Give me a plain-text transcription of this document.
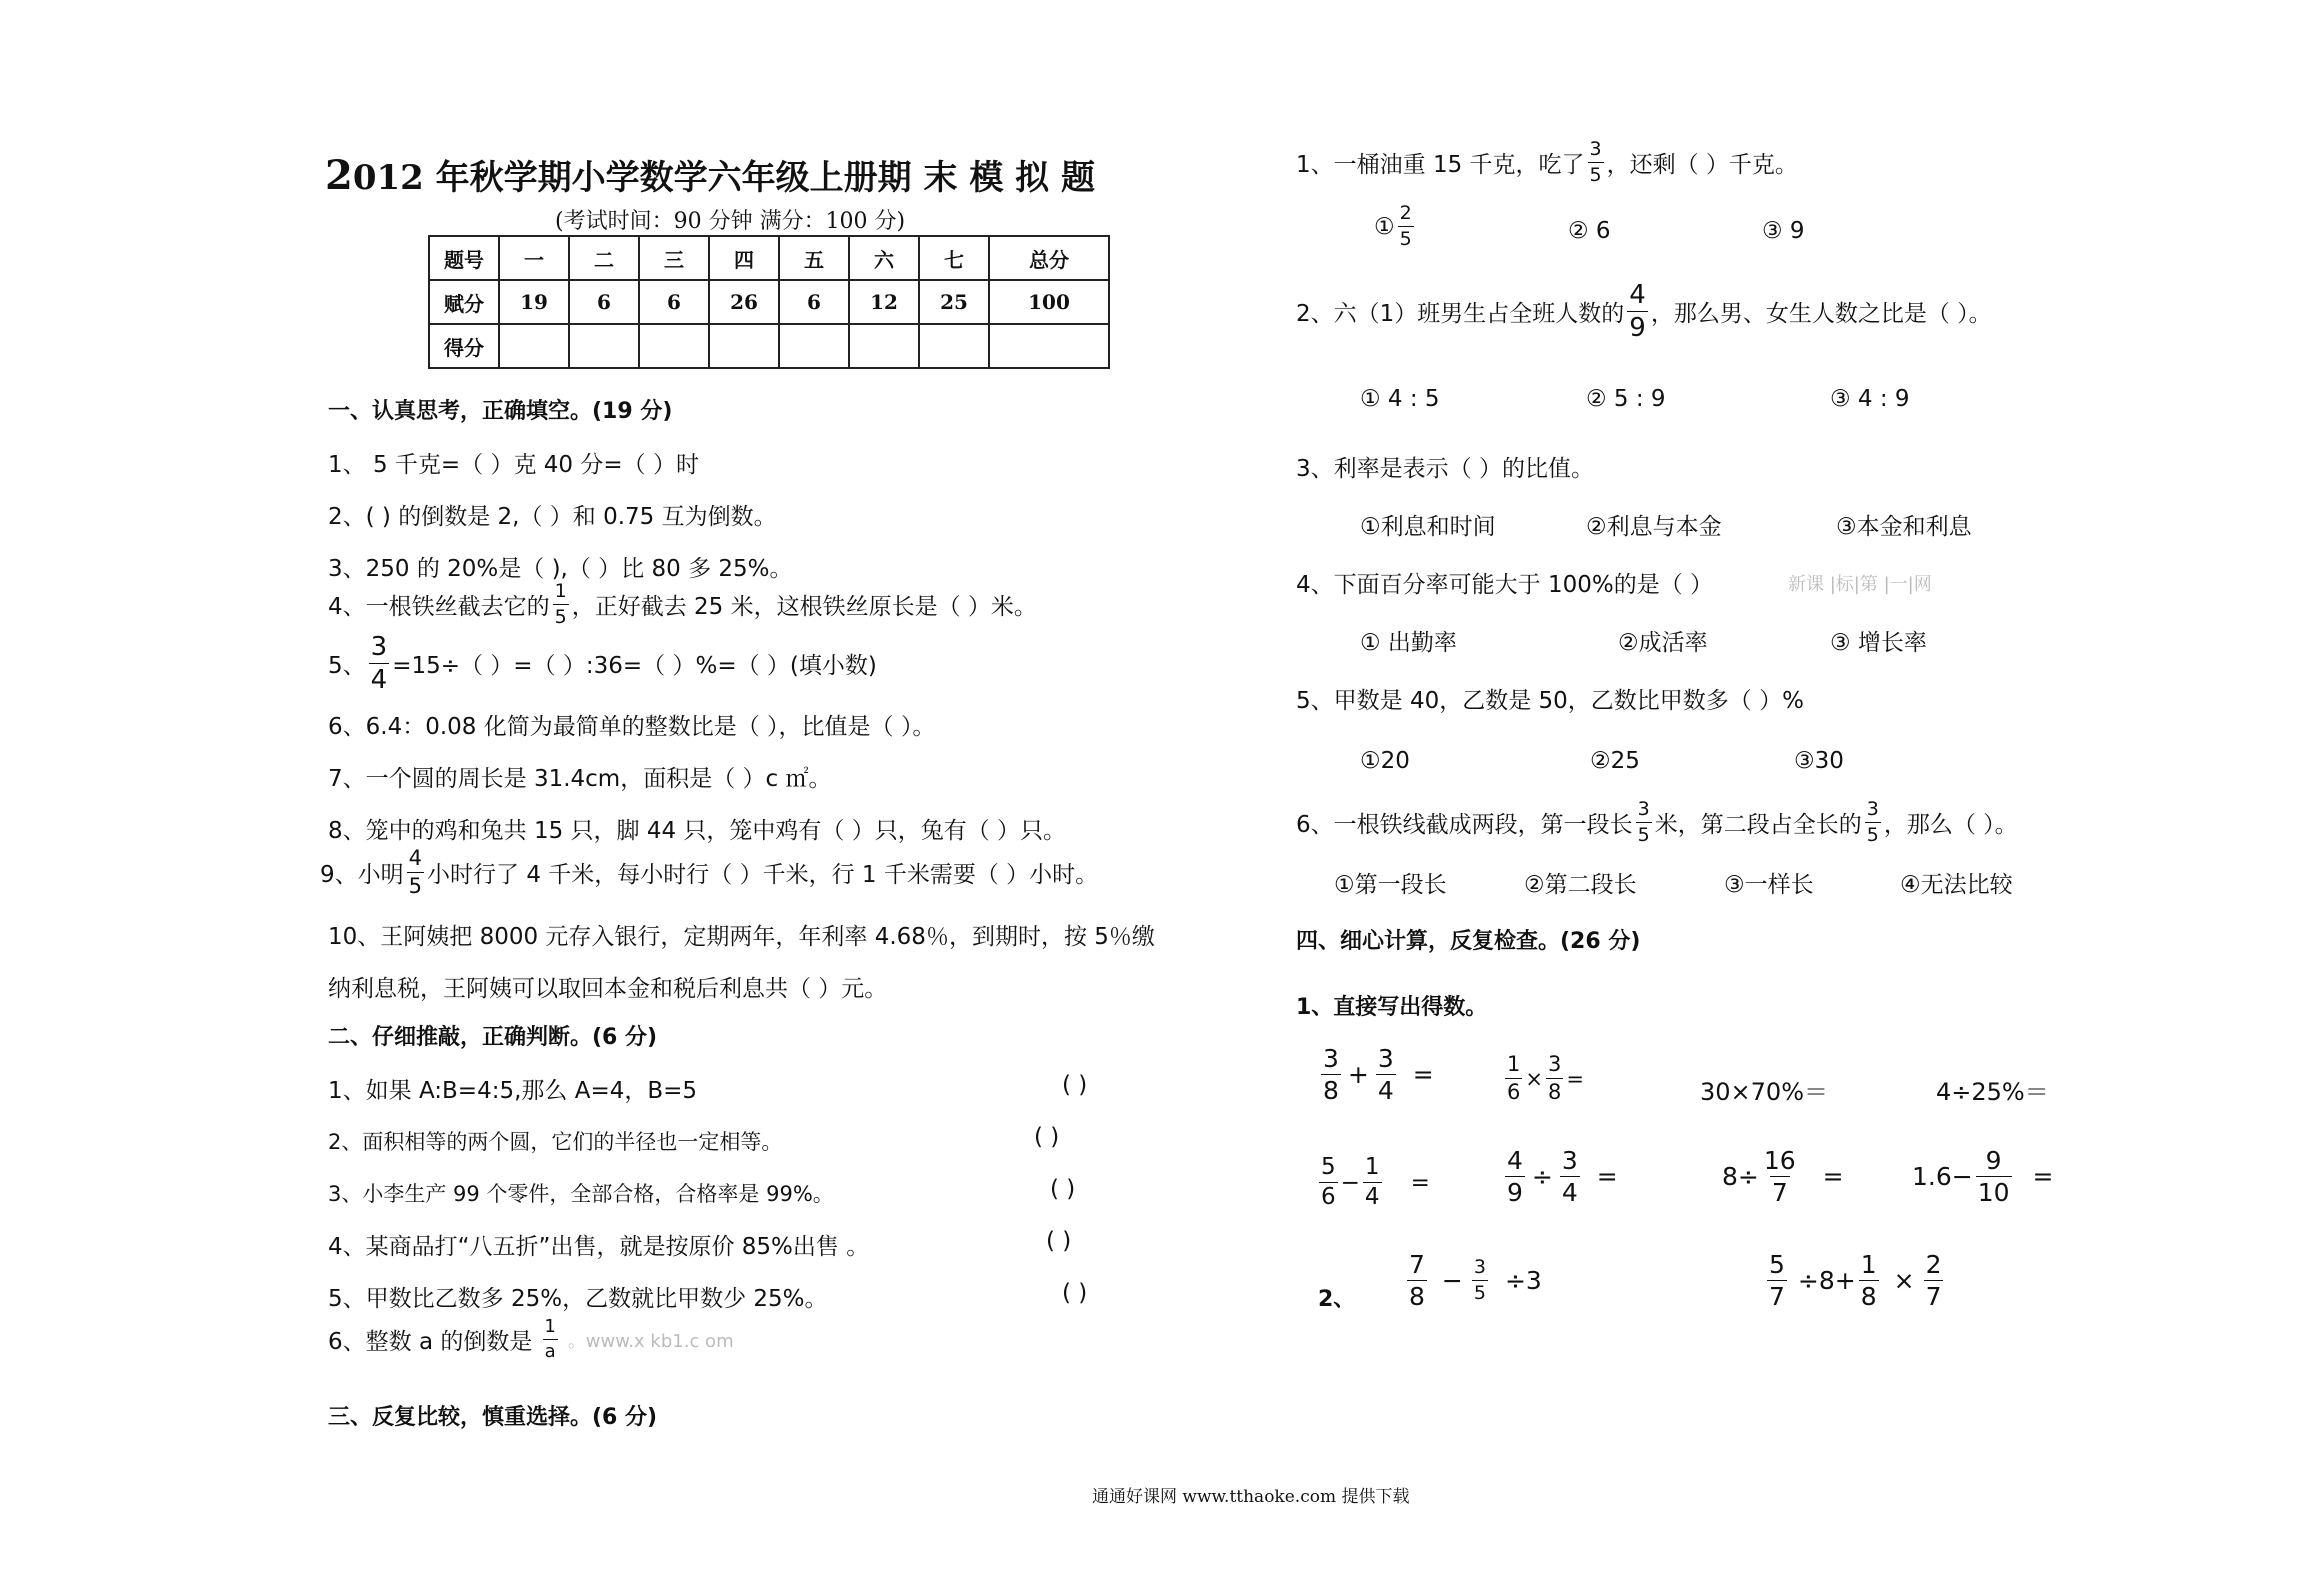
2012 年秋学期小学数学六年级上册期 末 模 拟 题
(考试时间：90 分钟 满分：100 分)
题号	一	二	三	四	五	六	七	总分
赋分	19	6	6	26	6	12	25	100
得分								
一、认真思考，正确填空。(19 分)
1、 5 千克=（ ）克 40 分=（ ）时
2、( ) 的倒数是 2,（ ）和 0.75 互为倒数。
3、250 的 20%是（ ),（ ）比 80 多 25%。
4、一根铁丝截去它的 $\frac{1}{5}$ ，正好截去 25 米，这根铁丝原长是（ ）米。
5、 $\frac{3}{4} =15\div$（ ）=（ ）:36=（ ）%=（ ）(填小数)
6、6.4：0.08 化简为最简单的整数比是（ ），比值是（ ）。
7、一个圆的周长是 31.4cm，面积是（ ）c ㎡。
8、笼中的鸡和兔共 15 只，脚 44 只，笼中鸡有（ ）只，兔有（ ）只。
9、小明 $\frac{4}{5}$ 小时行了 4 千米，每小时行（ ）千米，行 1 千米需要（ ）小时。
10、王阿姨把 8000 元存入银行，定期两年，年利率 4.68％，到期时，按 5％缴
纳利息税，王阿姨可以取回本金和税后利息共（ ）元。
二、仔细推敲，正确判断。(6 分)
1、如果 A:B=4:5,那么 A=4，B=5	( )
2、面积相等的两个圆，它们的半径也一定相等。	( )
3、小李生产 99 个零件，全部合格，合格率是 99%。	( )
4、某商品打“八五折”出售，就是按原价 85%出售 。	( )
5、甲数比乙数多 25%，乙数就比甲数少 25%。	( )
6、整数 a 的倒数是 $\frac{1}{a}$ 。www.x kb1.c om
三、反复比较，慎重选择。(6 分)
1、一桶油重 15 千克，吃了 $\frac{3}{5}$ ，还剩（ ）千克。
① $\frac{2}{5}$	② 6	③ 9
2、六（1）班男生占全班人数的 $\frac{4}{9}$ ，那么男、女生人数之比是（ ）。
① 4 : 5	② 5 : 9	③ 4 : 9
3、利率是表示（ ）的比值。
①利息和时间	②利息与本金	③本金和利息
4、下面百分率可能大于 100%的是（ ）	新课 |标|第 |一|网
① 出勤率	②成活率	③ 增长率
5、甲数是 40，乙数是 50，乙数比甲数多（ ）%
①20	②25	③30
6、一根铁线截成两段，第一段长 $\frac{3}{5}$ 米，第二段占全长的 $\frac{3}{5}$ ，那么（ ）。
①第一段长	②第二段长	③一样长	④无法比较
四、细心计算，反复检查。(26 分)
1、直接写出得数。
$\frac{3}{8} + \frac{3}{4}$ =	$\frac{1}{6} \times \frac{3}{8}$ =	30×70%＝	4÷25%＝
$\frac{5}{6} - \frac{1}{4}$ =	$\frac{4}{9} \div \frac{3}{4}$ =	$8\div \frac{16}{7}$ =	$1.6- \frac{9}{10}$ =
2、 $\frac{7}{8} - \frac{3}{5} \div 3$	$\frac{5}{7} \div 8+ \frac{1}{8} \times \frac{2}{7}$
通通好课网 www.tthaoke.com 提供下载
